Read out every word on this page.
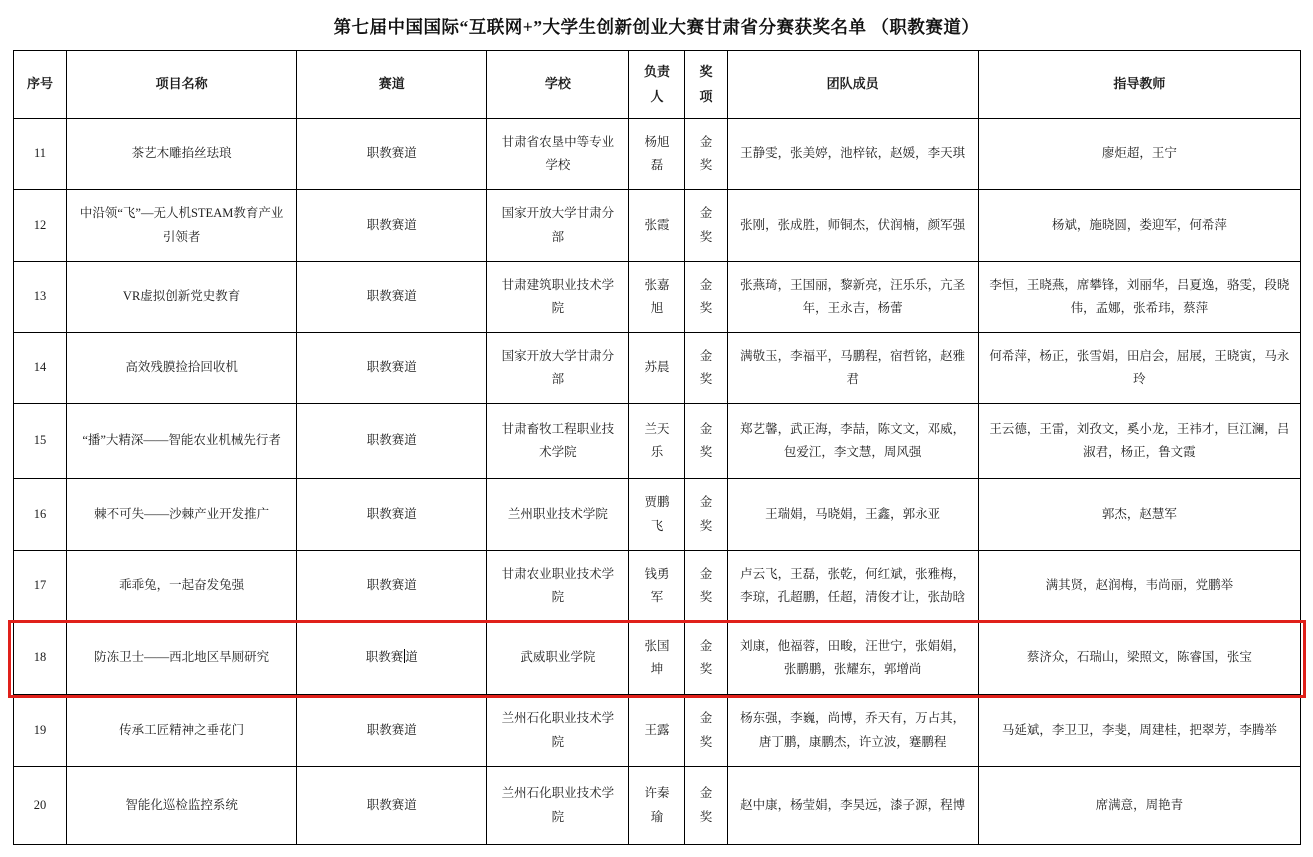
第七届中国国际“互联网+”大学生创新创业大赛甘肃省分赛获奖名单 （职教赛道）
序号	项目名称	赛道	学校	负责人	奖项	团队成员	指导教师
11	茶艺木雕掐丝珐琅	职教赛道	甘肃省农垦中等专业学校	杨旭磊	金奖	王静雯，张美婷，池梓铱，赵媛，李天琪	廖炬超，王宁
12	中沿领“飞”—无人机STEAM教育产业引领者	职教赛道	国家开放大学甘肃分部	张霞	金奖	张刚，张成胜，师铜杰，伏润楠，颜军强	杨斌，施晓圆，娄迎军，何希萍
13	VR虚拟创新党史教育	职教赛道	甘肃建筑职业技术学院	张嘉旭	金奖	张燕琦，王国丽，黎新亮，汪乐乐，亢圣年，王永吉，杨蕾	李恒，王晓燕，席攀锋，刘丽华，吕夏逸，骆雯，段晓伟，孟娜，张希玮，蔡萍
14	高效残膜捡拾回收机	职教赛道	国家开放大学甘肃分部	苏晨	金奖	满敬玉，李福平，马鹏程，宿哲铭，赵雅君	何希萍，杨正，张雪娟，田启会，屈展，王晓寅，马永玲
15	“播”大精深——智能农业机械先行者	职教赛道	甘肃畜牧工程职业技术学院	兰天乐	金奖	郑艺馨，武正海，李喆，陈文文，邓威，包爱江，李文慧，周风强	王云德，王雷，刘孜文，奚小龙，王祎才，巨江澜，吕淑君，杨正，鲁文霞
16	棘不可失——沙棘产业开发推广	职教赛道	兰州职业技术学院	贾鹏飞	金奖	王瑞娟，马晓娟，王鑫，郭永亚	郭杰，赵慧军
17	乖乖兔，一起奋发兔强	职教赛道	甘肃农业职业技术学院	钱勇军	金奖	卢云飞，王磊，张乾，何红斌，张雅梅，李琼，孔超鹏，任超，清俊才让，张劼晗	满其贤，赵润梅，韦尚丽，党鹏举
18	防冻卫士——西北地区旱厕研究	职教赛 道	武威职业学院	张国坤	金奖	刘康，他福蓉，田畯，汪世宁，张娟娟，张鹏鹏，张耀东，郭增尚	蔡济众，石瑞山，梁照文，陈睿国，张宝
19	传承工匠精神之垂花门	职教赛道	兰州石化职业技术学院	王露	金奖	杨东强，李巍，尚博，乔天有，万占其，唐丁鹏，康鹏杰，许立波，蹇鹏程	马延斌，李卫卫，李斐，周建桂，把翠芳，李腾举
20	智能化巡检监控系统	职教赛道	兰州石化职业技术学院	许秦瑜	金奖	赵中康，杨莹娟，李昊远，漆子源，程博	席满意，周艳青
